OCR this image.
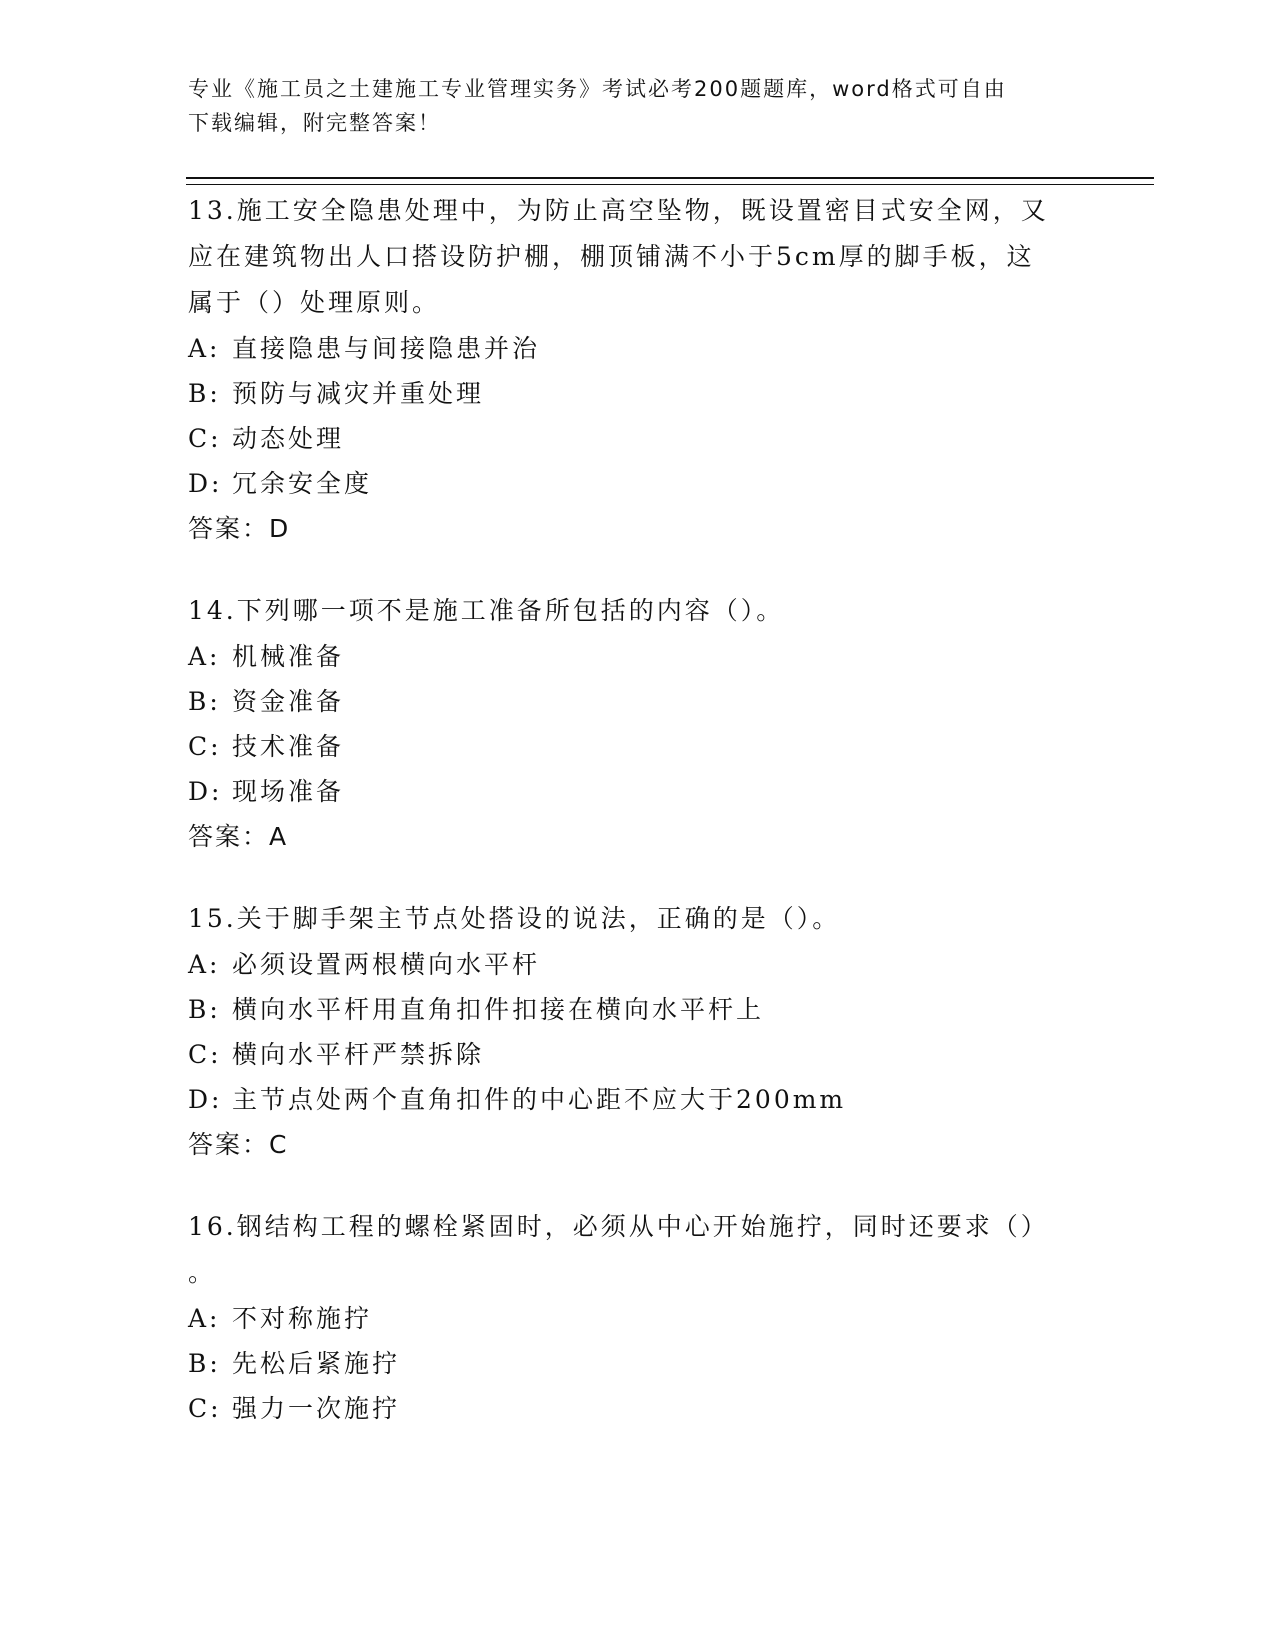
专业《施工员之土建施工专业管理实务》考试必考200题题库，word格式可自由
下载编辑，附完整答案！

13.施工安全隐患处理中，为防止高空坠物，既设置密目式安全网，又

应在建筑物出人口搭设防护棚，棚顶铺满不小于5cm厚的脚手板，这

属于（）处理原则。

A: 直接隐患与间接隐患并治

B: 预防与减灾并重处理

C: 动态处理

D: 冗余安全度

答案：D

14.下列哪一项不是施工准备所包括的内容（）。

A: 机械准备

B: 资金准备

C: 技术准备

D: 现场准备

答案：A

15.关于脚手架主节点处搭设的说法，正确的是（）。

A: 必须设置两根横向水平杆

B: 横向水平杆用直角扣件扣接在横向水平杆上

C: 横向水平杆严禁拆除

D: 主节点处两个直角扣件的中心距不应大于200mm

答案：C

16.钢结构工程的螺栓紧固时，必须从中心开始施拧，同时还要求（）

。

A: 不对称施拧

B: 先松后紧施拧

C: 强力一次施拧
